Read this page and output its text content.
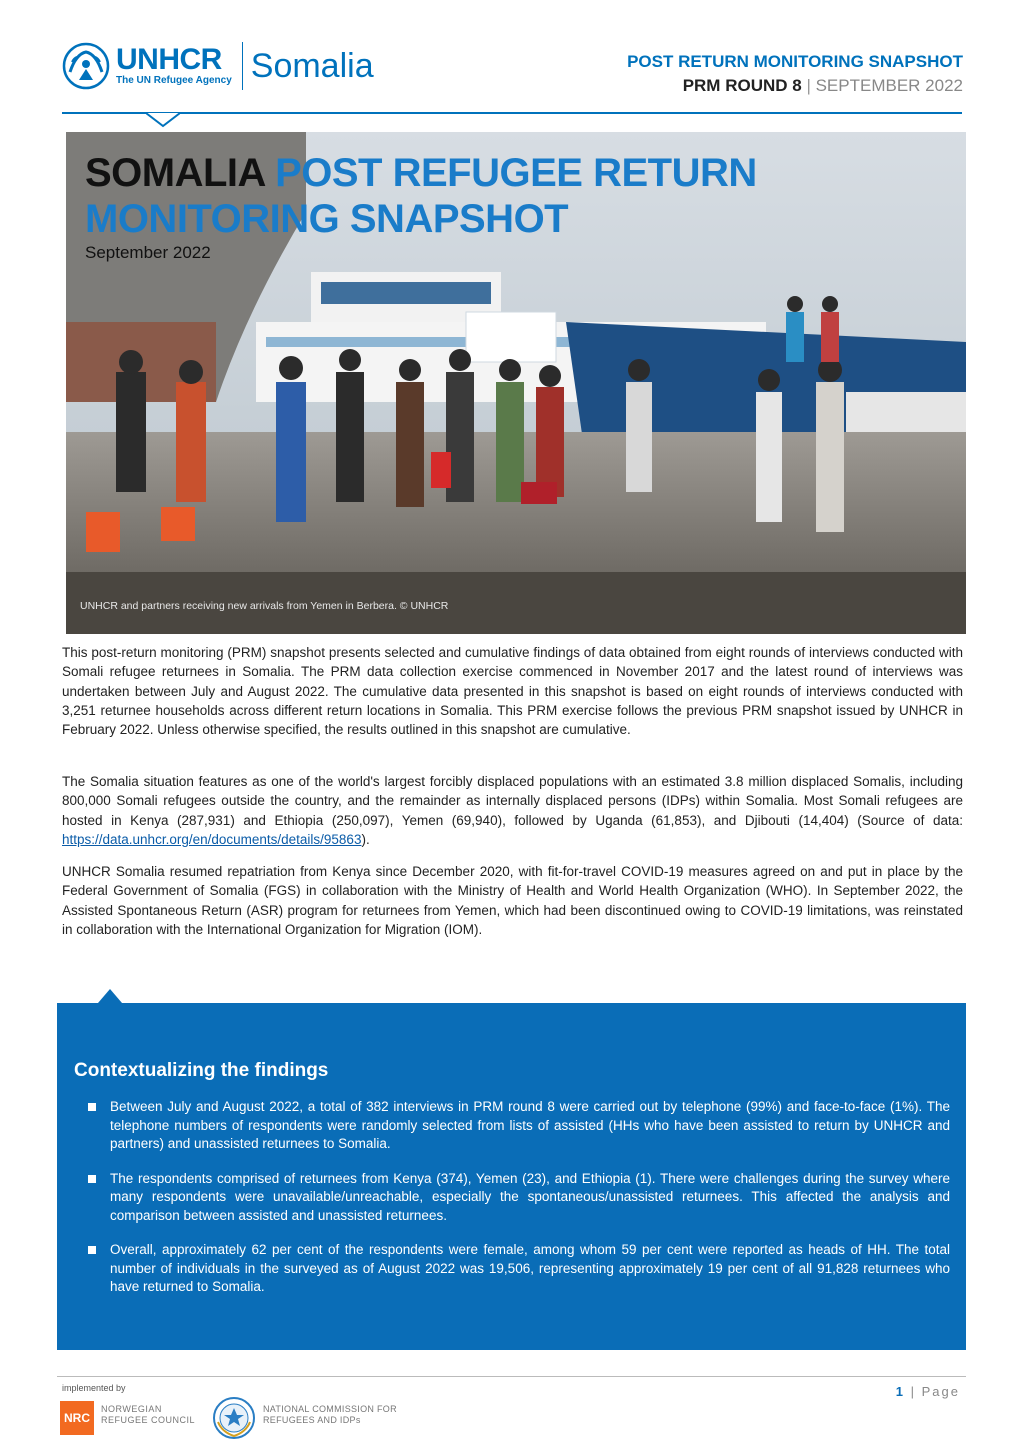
UNHCR
The UN Refugee Agency Somalia	POST RETURN MONITORING SNAPSHOT
PRM ROUND 8 | SEPTEMBER 2022
SOMALIA POST REFUGEE RETURN MONITORING SNAPSHOT
September 2022
UNHCR and partners receiving new arrivals from Yemen in Berbera. © UNHCR

This post-return monitoring (PRM) snapshot presents selected and cumulative findings of data obtained from eight rounds of interviews conducted with Somali refugee returnees in Somalia. The PRM data collection exercise commenced in November 2017 and the latest round of interviews was undertaken between July and August 2022. The cumulative data presented in this snapshot is based on eight rounds of interviews conducted with 3,251 returnee households across different return locations in Somalia. This PRM exercise follows the previous PRM snapshot issued by UNHCR in February 2022. Unless otherwise specified, the results outlined in this snapshot are cumulative.

The Somalia situation features as one of the world's largest forcibly displaced populations with an estimated 3.8 million displaced Somalis, including 800,000 Somali refugees outside the country, and the remainder as internally displaced persons (IDPs) within Somalia. Most Somali refugees are hosted in Kenya (287,931) and Ethiopia (250,097), Yemen (69,940), followed by Uganda (61,853), and Djibouti (14,404) (Source of data: https://data.unhcr.org/en/documents/details/95863).

UNHCR Somalia resumed repatriation from Kenya since December 2020, with fit-for-travel COVID-19 measures agreed on and put in place by the Federal Government of Somalia (FGS) in collaboration with the Ministry of Health and World Health Organization (WHO). In September 2022, the Assisted Spontaneous Return (ASR) program for returnees from Yemen, which had been discontinued owing to COVID-19 limitations, was reinstated in collaboration with the International Organization for Migration (IOM).

Contextualizing the findings
Between July and August 2022, a total of 382 interviews in PRM round 8 were carried out by telephone (99%) and face-to-face (1%). The telephone numbers of respondents were randomly selected from lists of assisted (HHs who have been assisted to return by UNHCR and partners) and unassisted returnees to Somalia.
The respondents comprised of returnees from Kenya (374), Yemen (23), and Ethiopia (1). There were challenges during the survey where many respondents were unavailable/unreachable, especially the spontaneous/unassisted returnees. This affected the analysis and comparison between assisted and unassisted returnees.
Overall, approximately 62 per cent of the respondents were female, among whom 59 per cent were reported as heads of HH. The total number of individuals in the surveyed as of August 2022 was 19,506, representing approximately 19 per cent of all 91,828 returnees who have returned to Somalia.
implemented by
NRC
NORWEGIAN
REFUGEE COUNCIL
NATIONAL COMMISSION FOR
REFUGEES AND IDPs
1 | Page
